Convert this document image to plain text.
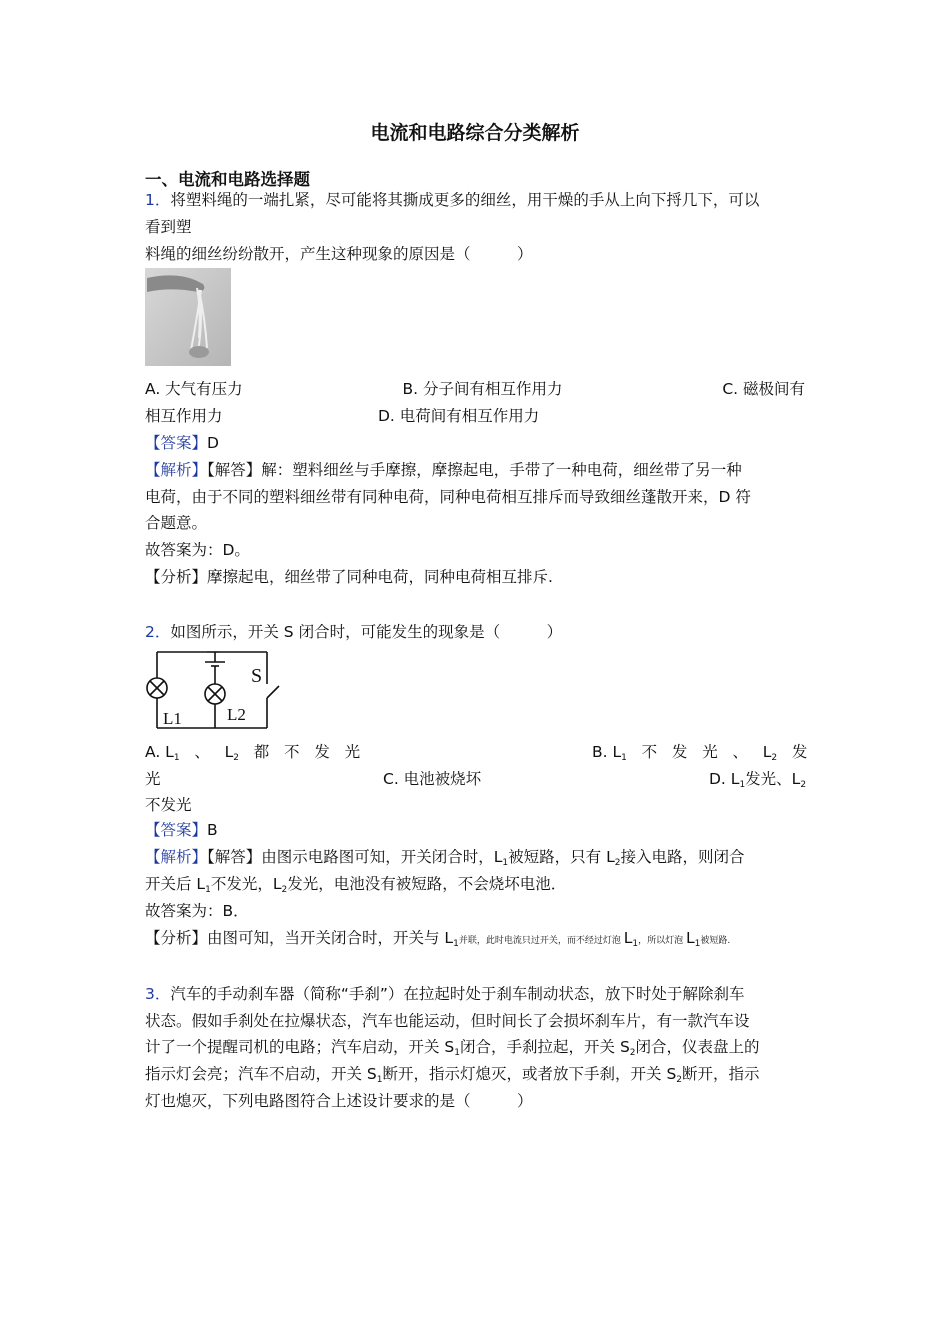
电流和电路综合分类解析
一、电流和电路选择题
1．将塑料绳的一端扎紧，尽可能将其撕成更多的细丝，用干燥的手从上向下捋几下，可以
看到塑
料绳的细丝纷纷散开，产生这种现象的原因是（　　　）
A. 大气有压力	B. 分子间有相互作用力	C. 磁极间有
相互作用力	D. 电荷间有相互作用力
【答案】D
【解析】【解答】解：塑料细丝与手摩擦，摩擦起电，手带了一种电荷，细丝带了另一种
电荷，由于不同的塑料细丝带有同种电荷，同种电荷相互排斥而导致细丝蓬散开来，D 符
合题意。
故答案为：D。
【分析】摩擦起电，细丝带了同种电荷，同种电荷相互排斥.
2．如图所示，开关 S 闭合时，可能发生的现象是（　　　）
S
L1	L2
A. $L_1$   、   $L_2$   都   不   发   光	B. $L_1$   不   发   光   、   $L_2$   发
光	C. 电池被烧坏	D. $L_1$发光、$L_2$
不发光
【答案】B
【解析】【解答】由图示电路图可知，开关闭合时，$L_1$被短路，只有 $L_2$接入电路，则闭合
开关后 $L_1$不发光，$L_2$发光，电池没有被短路，不会烧坏电池．
故答案为：B．
【分析】由图可知，当开关闭合时，开关与 $L_1$并联，此时电流只过开关，而不经过灯泡 $L_1$，所以灯泡 $L_1$被短路.
3．汽车的手动刹车器（简称“手刹”）在拉起时处于刹车制动状态，放下时处于解除刹车
状态。假如手刹处在拉爆状态，汽车也能运动，但时间长了会损坏刹车片，有一款汽车设
计了一个提醒司机的电路；汽车启动，开关 $S_1$闭合，手刹拉起，开关 $S_2$闭合，仪表盘上的
指示灯会亮；汽车不启动，开关 $S_1$断开，指示灯熄灭，或者放下手刹，开关 $S_2$断开，指示
灯也熄灭，下列电路图符合上述设计要求的是（　　　）
